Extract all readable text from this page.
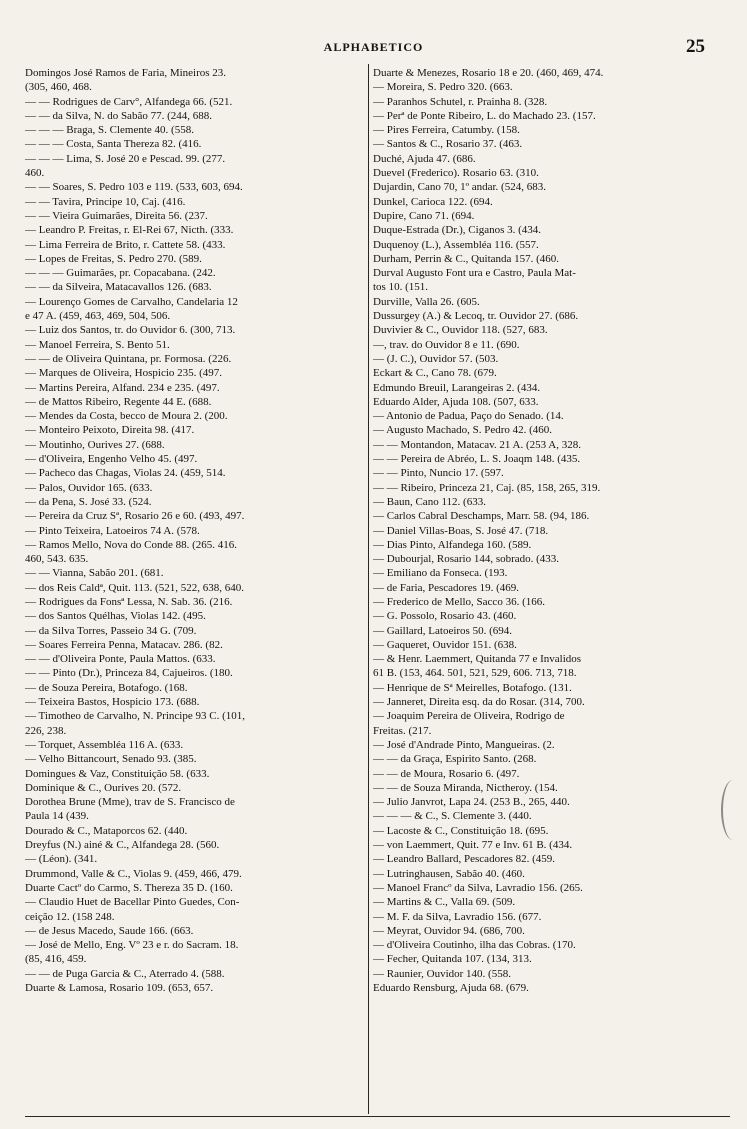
ALPHABETICO	25
Domingos José Ramos de Faria, Mineiros 23.
(305, 460, 468.
— — Rodrigues de Carv°, Alfandega 66. (521.
— — da Silva, N. do Sabão 77. (244, 688.
— — — Braga, S. Clemente 40. (558.
— — — Costa, Santa Thereza 82. (416.
— — — Lima, S. José 20 e Pescad. 99. (277.
460.
— — Soares, S. Pedro 103 e 119. (533, 603, 694.
— — Tavira, Principe 10, Caj. (416.
— — Vieira Guimarães, Direita 56. (237.
— Leandro P. Freitas, r. El-Rei 67, Nicth. (333.
— Lima Ferreira de Brito, r. Cattete 58. (433.
— Lopes de Freitas, S. Pedro 270. (589.
— — — Guimarães, pr. Copacabana. (242.
— — da Silveira, Matacavallos 126. (683.
— Lourenço Gomes de Carvalho, Candelaria 12
e 47 A. (459, 463, 469, 504, 506.
— Luiz dos Santos, tr. do Ouvidor 6. (300, 713.
— Manoel Ferreira, S. Bento 51.
— — de Oliveira Quintana, pr. Formosa. (226.
— Marques de Oliveira, Hospicio 235. (497.
— Martins Pereira, Alfand. 234 e 235. (497.
— de Mattos Ribeiro, Regente 44 E. (688.
— Mendes da Costa, becco de Moura 2. (200.
— Monteiro Peixoto, Direita 98. (417.
— Moutinho, Ourives 27. (688.
— d'Oliveira, Engenho Velho 45. (497.
— Pacheco das Chagas, Violas 24. (459, 514.
— Palos, Ouvidor 165. (633.
— da Pena, S. José 33. (524.
— Pereira da Cruz Sª, Rosario 26 e 60. (493, 497.
— Pinto Teixeira, Latoeiros 74 A. (578.
— Ramos Mello, Nova do Conde 88. (265. 416.
460, 543. 635.
— — Vianna, Sabão 201. (681.
— dos Reis Caldª, Quit. 113. (521, 522, 638, 640.
— Rodrigues da Fonsª Lessa, N. Sab. 36. (216.
— dos Santos Quélhas, Violas 142. (495.
— da Silva Torres, Passeio 34 G. (709.
— Soares Ferreira Penna, Matacav. 286. (82.
— — d'Oliveira Ponte, Paula Mattos. (633.
— — Pinto (Dr.), Princeza 84, Cajueiros. (180.
— de Souza Pereira, Botafogo. (168.
— Teixeira Bastos, Hospicio 173. (688.
— Timotheo de Carvalho, N. Principe 93 C. (101,
226, 238.
— Torquet, Assembléa 116 A. (633.
— Velho Bittancourt, Senado 93. (385.
Domingues & Vaz, Constituição 58. (633.
Dominique & C., Ourives 20. (572.
Dorothea Brune (Mme), trav de S. Francisco de
Paula 14 (439.
Dourado & C., Mataporcos 62. (440.
Dreyfus (N.) ainé & C., Alfandega 28. (560.
— (Léon). (341.
Drummond, Valle & C., Violas 9. (459, 466, 479.
Duarte Cactº do Carmo, S. Thereza 35 D. (160.
— Claudio Huet de Bacellar Pinto Guedes, Con-
ceição 12. (158 248.
— de Jesus Macedo, Saude 166. (663.
— José de Mello, Eng. Vº 23 e r. do Sacram. 18.
(85, 416, 459.
— — de Puga Garcia & C., Aterrado 4. (588.
Duarte & Lamosa, Rosario 109. (653, 657.
Duarte & Menezes, Rosario 18 e 20. (460, 469, 474.
— Moreira, S. Pedro 320. (663.
— Paranhos Schutel, r. Prainha 8. (328.
— Perª de Ponte Ribeiro, L. do Machado 23. (157.
— Pires Ferreira, Catumby. (158.
— Santos & C., Rosario 37. (463.
Duché, Ajuda 47. (686.
Duevel (Frederico). Rosario 63. (310.
Dujardin, Cano 70, 1º andar. (524, 683.
Dunkel, Carioca 122. (694.
Dupire, Cano 71. (694.
Duque-Estrada (Dr.), Ciganos 3. (434.
Duquenoy (L.), Assembléa 116. (557.
Durham, Perrin & C., Quitanda 157. (460.
Durval Augusto Font ura e Castro, Paula Mat-
tos 10. (151.
Durville, Valla 26. (605.
Dussurgey (A.) & Lecoq, tr. Ouvidor 27. (686.
Duvivier & C., Ouvidor 118. (527, 683.
—, trav. do Ouvidor 8 e 11. (690.
— (J. C.), Ouvidor 57. (503.
Eckart & C., Cano 78. (679.
Edmundo Breuil, Larangeiras 2. (434.
Eduardo Alder, Ajuda 108. (507, 633.
— Antonio de Padua, Paço do Senado. (14.
— Augusto Machado, S. Pedro 42. (460.
— — Montandon, Matacav. 21 A. (253 A, 328.
— — Pereira de Abréo, L. S. Joaqm 148. (435.
— — Pinto, Nuncio 17. (597.
— — Ribeiro, Princeza 21, Caj. (85, 158, 265, 319.
— Baun, Cano 112. (633.
— Carlos Cabral Deschamps, Marr. 58. (94, 186.
— Daniel Villas-Boas, S. José 47. (718.
— Dias Pinto, Alfandega 160. (589.
— Dubourjal, Rosario 144, sobrado. (433.
— Emiliano da Fonseca. (193.
— de Faria, Pescadores 19. (469.
— Frederico de Mello, Sacco 36. (166.
— G. Possolo, Rosario 43. (460.
— Gaillard, Latoeiros 50. (694.
— Gaqueret, Ouvidor 151. (638.
— & Henr. Laemmert, Quitanda 77 e Invalidos
61 B. (153, 464. 501, 521, 529, 606. 713, 718.
— Henrique de Sª Meirelles, Botafogo. (131.
— Janneret, Direita esq. da do Rosar. (314, 700.
— Joaquim Pereira de Oliveira, Rodrigo de
Freitas. (217.
— José d'Andrade Pinto, Mangueiras. (2.
— — da Graça, Espirito Santo. (268.
— — de Moura, Rosario 6. (497.
— — de Souza Miranda, Nictheroy. (154.
— Julio Janvrot, Lapa 24. (253 B., 265, 440.
— — — & C., S. Clemente 3. (440.
— Lacoste & C., Constituição 18. (695.
— von Laemmert, Quit. 77 e Inv. 61 B. (434.
— Leandro Ballard, Pescadores 82. (459.
— Lutringhausen, Sabão 40. (460.
— Manoel Francº da Silva, Lavradio 156. (265.
— Martins & C., Valla 69. (509.
— M. F. da Silva, Lavradio 156. (677.
— Meyrat, Ouvidor 94. (686, 700.
— d'Oliveira Coutinho, ilha das Cobras. (170.
— Fecher, Quitanda 107. (134, 313.
— Raunier, Ouvidor 140. (558.
Eduardo Rensburg, Ajuda 68. (679.
